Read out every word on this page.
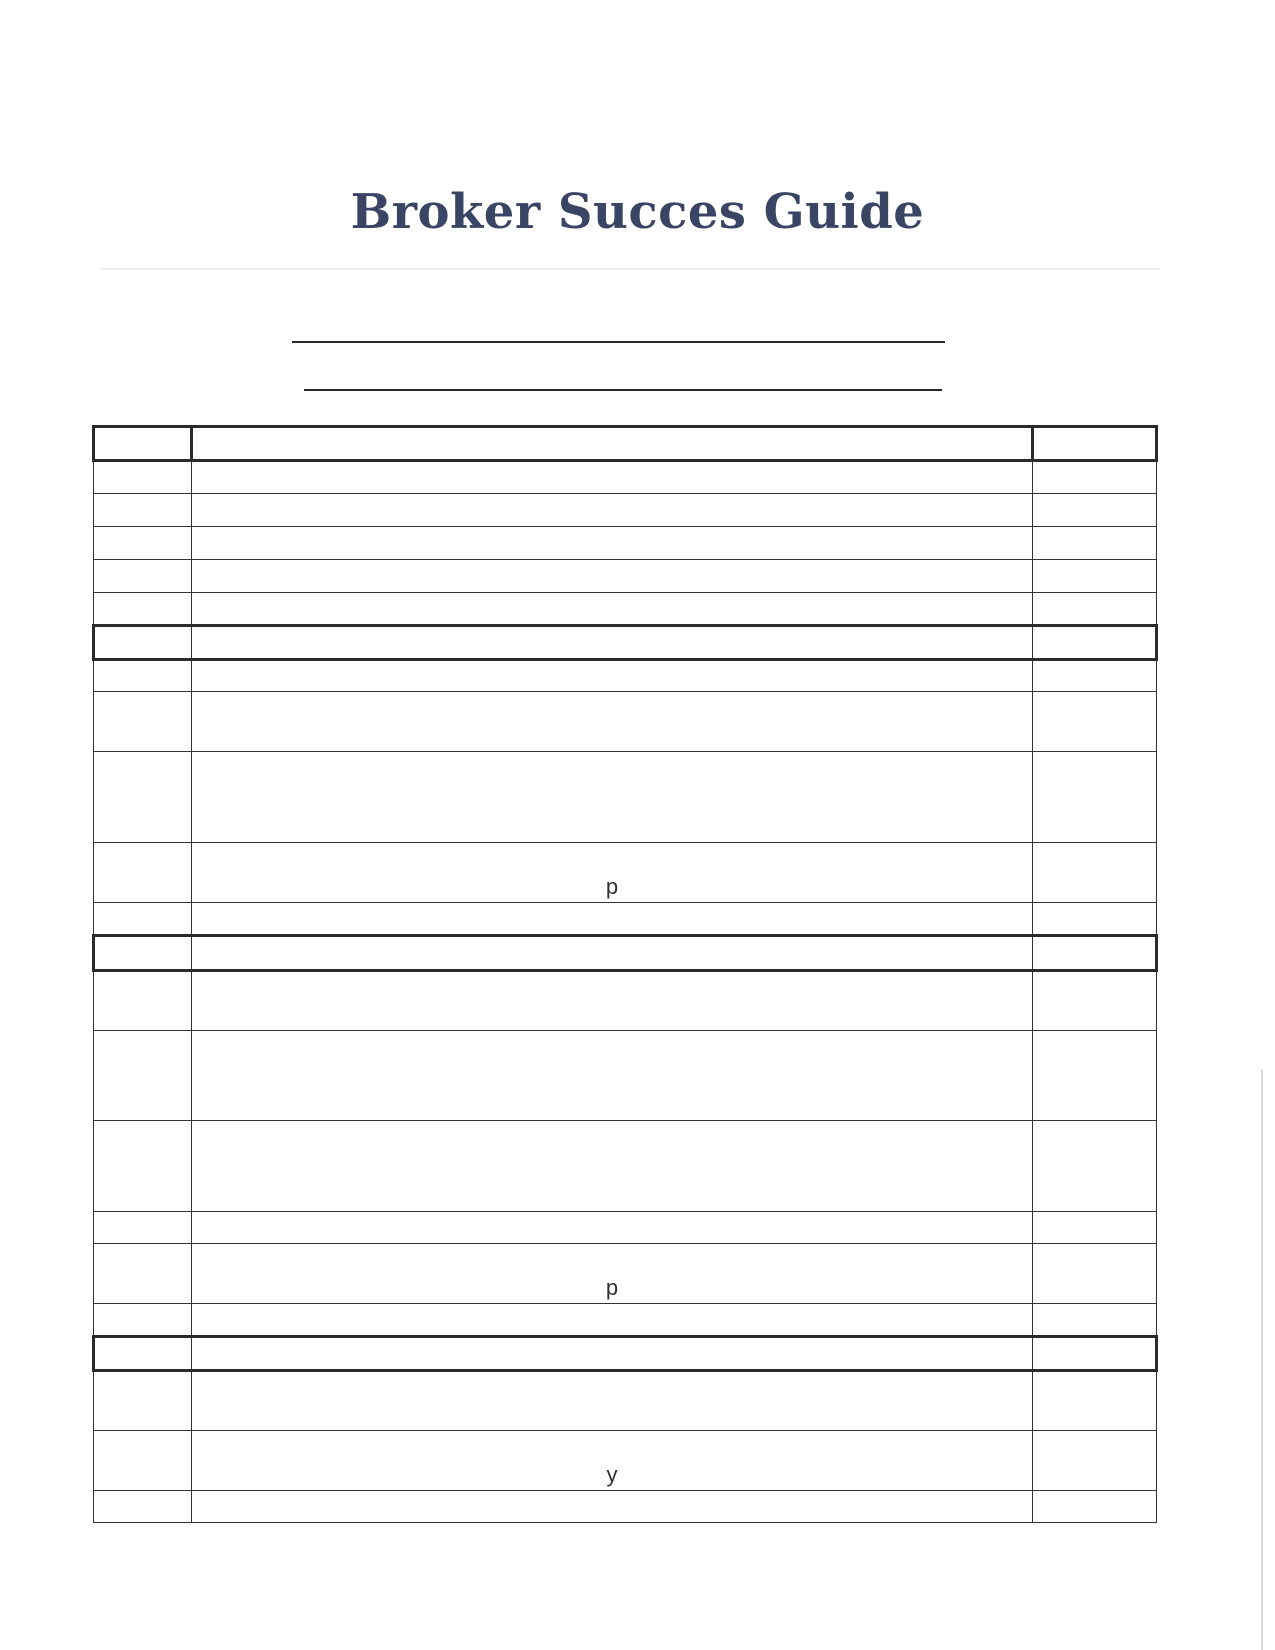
Broker Succes Guide

	p	

	p	

	y	
